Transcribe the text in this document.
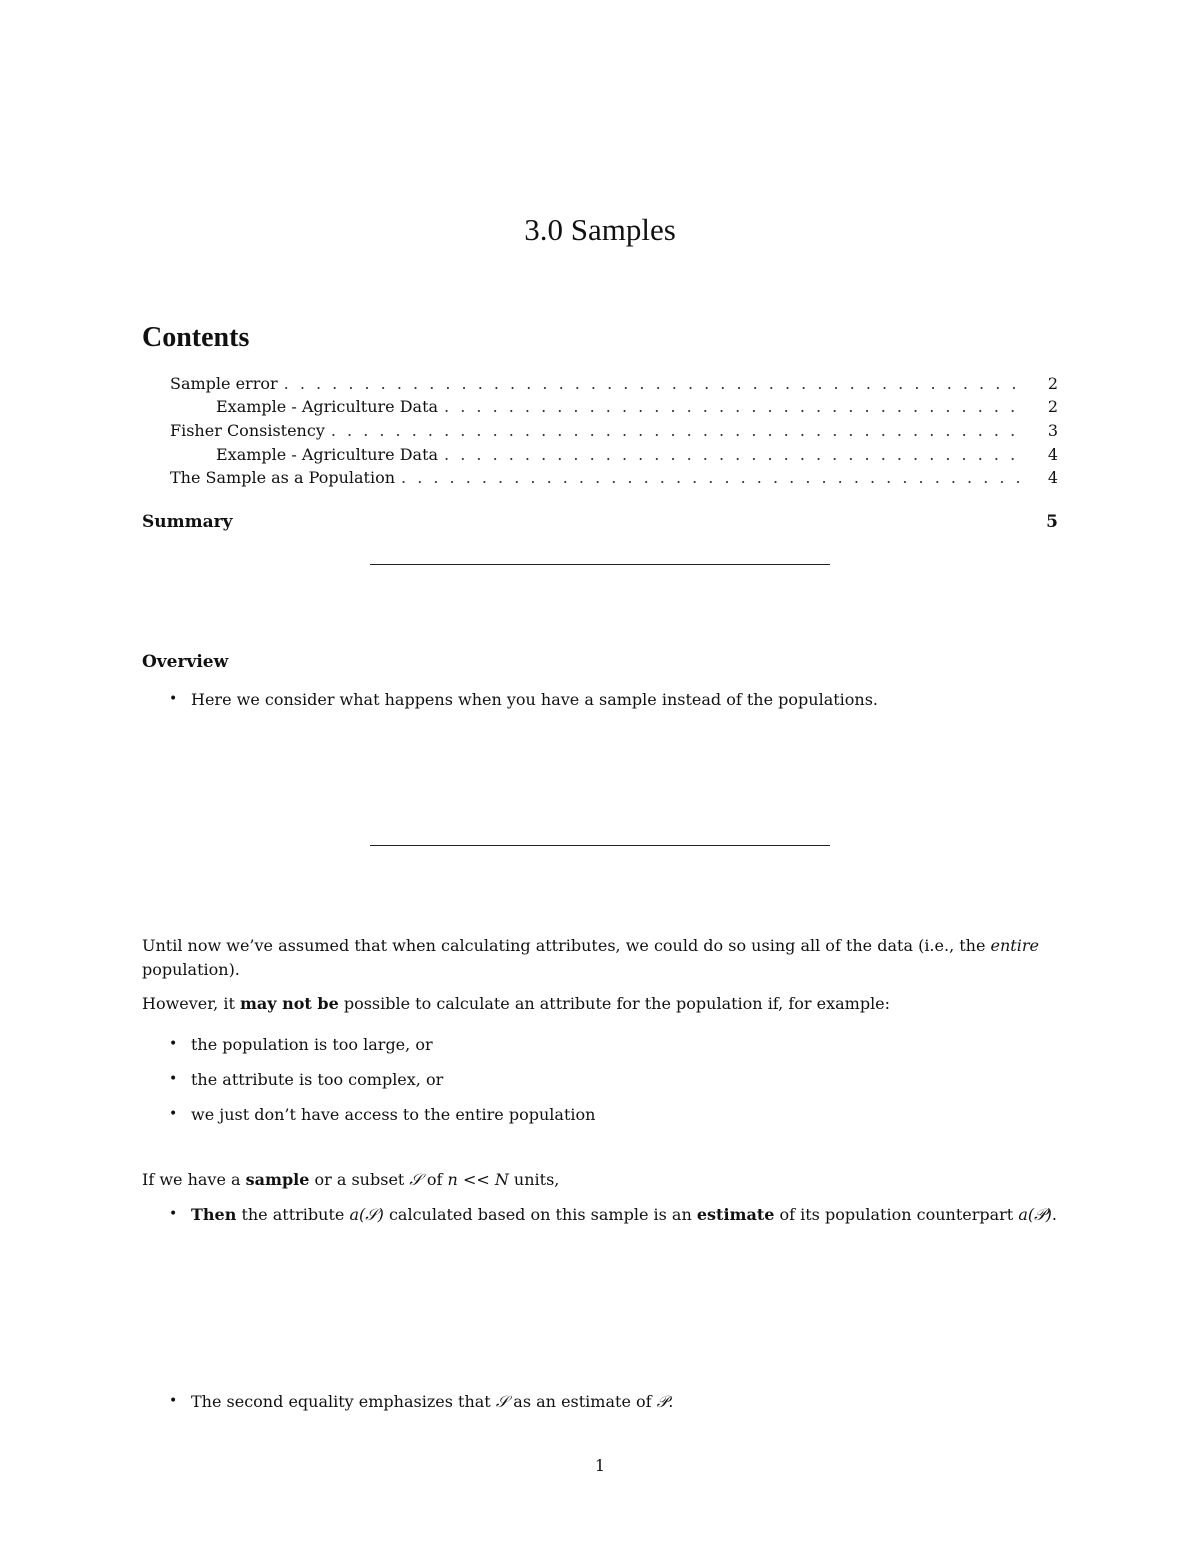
3.0 Samples
Contents
Sample error . . .	2
Example - Agriculture Data . . .	2
Fisher Consistency . . .	3
Example - Agriculture Data . . .	4
The Sample as a Population . . .	4
Summary	5
Overview
• Here we consider what happens when you have a sample instead of the populations.

Until now we’ve assumed that when calculating attributes, we could do so using all of the data (i.e., the entire population).

However, it may not be possible to calculate an attribute for the population if, for example:

• the population is too large, or
• the attribute is too complex, or
• we just don’t have access to the entire population

If we have a sample or a subset 𝒮 of n << N units,

• Then the attribute a(𝒮) calculated based on this sample is an estimate of its population counterpart a(𝒫).
• The second equality emphasizes that 𝒮 as an estimate of 𝒫.
1
